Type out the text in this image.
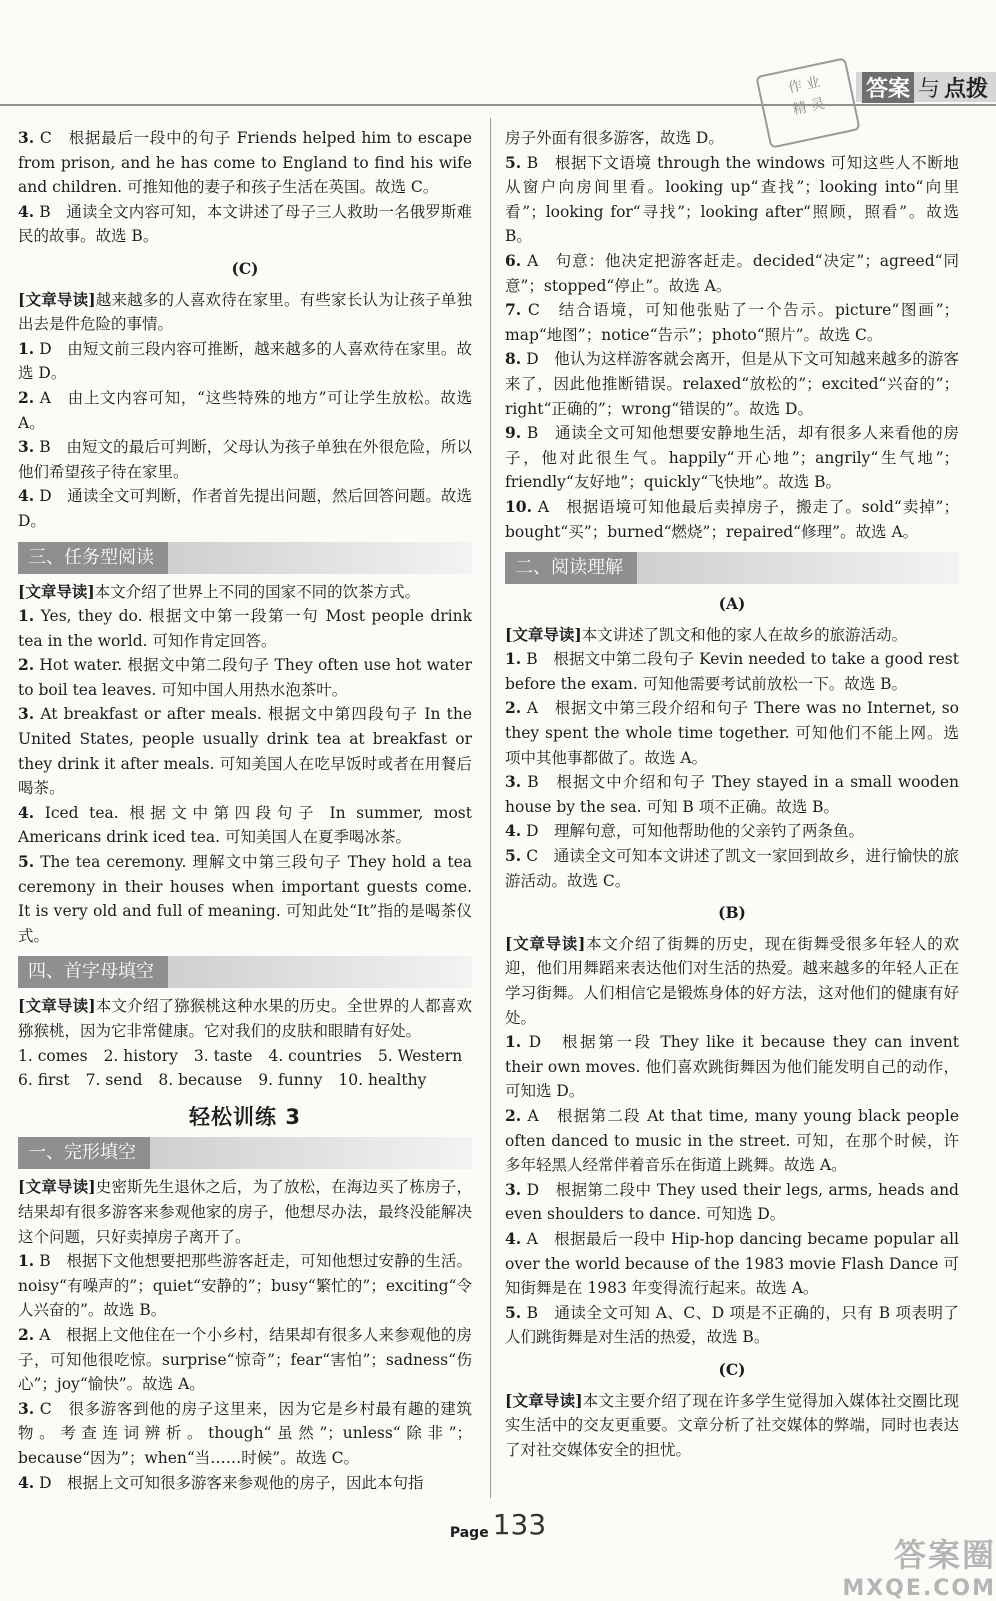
答案 与 点拨
作 业
精 灵

3. C　根据最后一段中的句子 Friends helped him to escape from prison, and he has come to England to find his wife and children. 可推知他的妻子和孩子生活在英国。故选 C。

4. B　通读全文内容可知，本文讲述了母子三人救助一名俄罗斯难民的故事。故选 B。

(C)

[文章导读]越来越多的人喜欢待在家里。有些家长认为让孩子单独出去是件危险的事情。

1. D　由短文前三段内容可推断，越来越多的人喜欢待在家里。故选 D。

2. A　由上文内容可知，“这些特殊的地方”可让学生放松。故选 A。

3. B　由短文的最后可判断，父母认为孩子单独在外很危险，所以他们希望孩子待在家里。

4. D　通读全文可判断，作者首先提出问题，然后回答问题。故选 D。

三、任务型阅读

[文章导读]本文介绍了世界上不同的国家不同的饮茶方式。

1. Yes, they do. 根据文中第一段第一句 Most people drink tea in the world. 可知作肯定回答。

2. Hot water. 根据文中第二段句子 They often use hot water to boil tea leaves. 可知中国人用热水泡茶叶。

3. At breakfast or after meals. 根据文中第四段句子 In the United States, people usually drink tea at breakfast or they drink it after meals. 可知美国人在吃早饭时或者在用餐后喝茶。

4. Iced tea. 根据文中第四段句子 In summer, most Americans drink iced tea. 可知美国人在夏季喝冰茶。

5. The tea ceremony. 理解文中第三段句子 They hold a tea ceremony in their houses when important guests come. It is very old and full of meaning. 可知此处“It”指的是喝茶仪式。

四、首字母填空

[文章导读]本文介绍了猕猴桃这种水果的历史。全世界的人都喜欢猕猴桃，因为它非常健康。它对我们的皮肤和眼睛有好处。

1. comes 2. history 3. taste 4. countries 5. Western
6. first 7. send 8. because 9. funny 10. healthy
轻松训练 3
一、完形填空

[文章导读]史密斯先生退休之后，为了放松，在海边买了栋房子，结果却有很多游客来参观他家的房子，他想尽办法，最终没能解决这个问题，只好卖掉房子离开了。

1. B　根据下文他想要把那些游客赶走，可知他想过安静的生活。noisy“有噪声的”；quiet“安静的”；busy“繁忙的”；exciting“令人兴奋的”。故选 B。

2. A　根据上文他住在一个小乡村，结果却有很多人来参观他的房子，可知他很吃惊。surprise“惊奇”；fear“害怕”；sadness“伤心”；joy“愉快”。故选 A。

3. C　很多游客到他的房子这里来，因为它是乡村最有趣的建筑物。考查连词辨析。though“虽然”；unless“除非”；because“因为”；when“当……时候”。故选 C。

4. D　根据上文可知很多游客来参观他的房子，因此本句指

房子外面有很多游客，故选 D。

5. B　根据下文语境 through the windows 可知这些人不断地从窗户向房间里看。looking up“查找”；looking into“向里看”；looking for“寻找”；looking after“照顾，照看”。故选 B。

6. A　句意：他决定把游客赶走。decided“决定”；agreed“同意”；stopped“停止”。故选 A。

7. C　结合语境，可知他张贴了一个告示。picture“图画”；map“地图”；notice“告示”；photo“照片”。故选 C。

8. D　他认为这样游客就会离开，但是从下文可知越来越多的游客来了，因此他推断错误。relaxed“放松的”；excited“兴奋的”；right“正确的”；wrong“错误的”。故选 D。

9. B　通读全文可知他想要安静地生活，却有很多人来看他的房子，他对此很生气。happily“开心地”；angrily“生气地”；friendly“友好地”；quickly“飞快地”。故选 B。

10. A　根据语境可知他最后卖掉房子，搬走了。sold“卖掉”；bought“买”；burned“燃烧”；repaired“修理”。故选 A。

二、阅读理解
(A)

[文章导读]本文讲述了凯文和他的家人在故乡的旅游活动。

1. B　根据文中第二段句子 Kevin needed to take a good rest before the exam. 可知他需要考试前放松一下。故选 B。

2. A　根据文中第三段介绍和句子 There was no Internet, so they spent the whole time together. 可知他们不能上网。选项中其他事都做了。故选 A。

3. B　根据文中介绍和句子 They stayed in a small wooden house by the sea. 可知 B 项不正确。故选 B。

4. D　理解句意，可知他帮助他的父亲钓了两条鱼。

5. C　通读全文可知本文讲述了凯文一家回到故乡，进行愉快的旅游活动。故选 C。

(B)

[文章导读]本文介绍了街舞的历史，现在街舞受很多年轻人的欢迎，他们用舞蹈来表达他们对生活的热爱。越来越多的年轻人正在学习街舞。人们相信它是锻炼身体的好方法，这对他们的健康有好处。

1. D　根据第一段 They like it because they can invent their own moves. 他们喜欢跳街舞因为他们能发明自己的动作，可知选 D。

2. A　根据第二段 At that time, many young black people often danced to music in the street. 可知，在那个时候，许多年轻黑人经常伴着音乐在街道上跳舞。故选 A。

3. D　根据第二段中 They used their legs, arms, heads and even shoulders to dance. 可知选 D。

4. A　根据最后一段中 Hip-hop dancing became popular all over the world because of the 1983 movie Flash Dance 可知街舞是在 1983 年变得流行起来。故选 A。

5. B　通读全文可知 A、C、D 项是不正确的，只有 B 项表明了人们跳街舞是对生活的热爱，故选 B。

(C)

[文章导读]本文主要介绍了现在许多学生觉得加入媒体社交圈比现实生活中的交友更重要。文章分析了社交媒体的弊端，同时也表达了对社交媒体安全的担忧。

Page 133
答案圈
MXQE.COM
